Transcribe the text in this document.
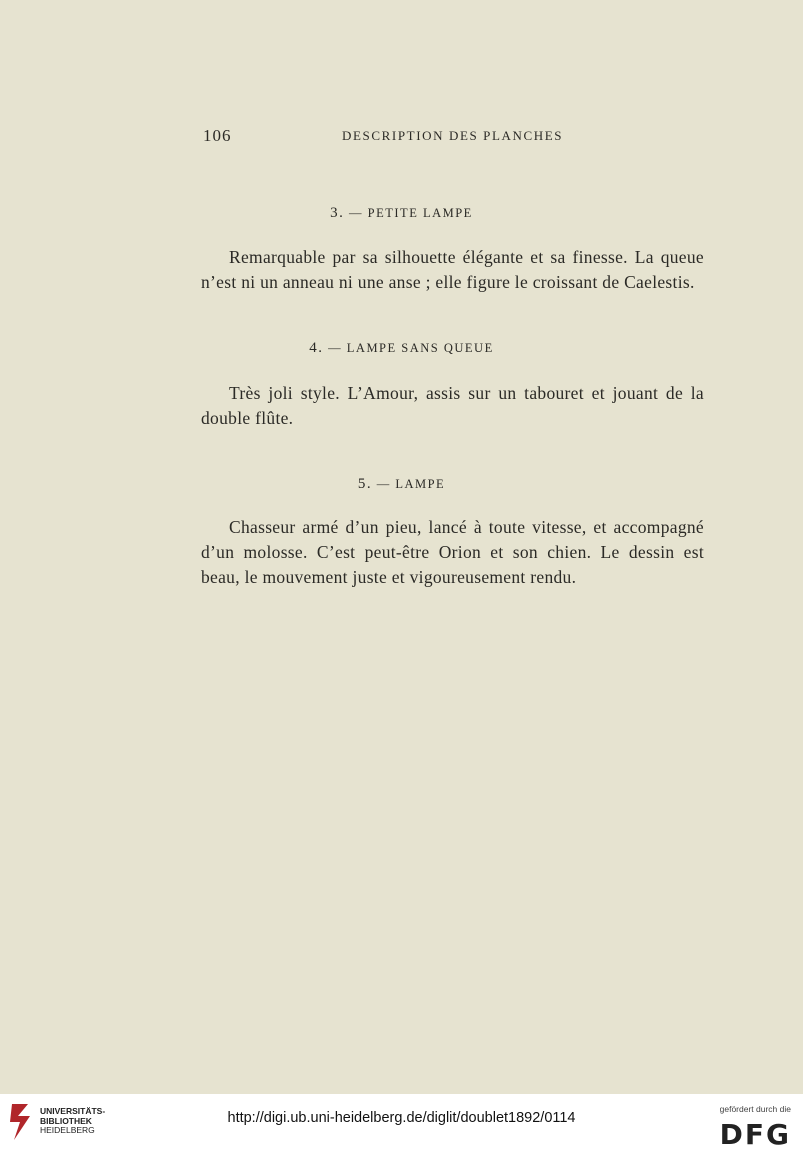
106	DESCRIPTION DES PLANCHES
3. — PETITE LAMPE
Remarquable par sa silhouette élégante et sa finesse. La queue
n’est ni un anneau ni une anse ; elle figure le croissant de Caelestis.
4. — LAMPE SANS QUEUE
Très joli style. L’Amour, assis sur un tabouret et jouant de la
double flûte.
5. — LAMPE
Chasseur armé d’un pieu, lancé à toute vitesse, et accompagné
d’un molosse. C’est peut-être Orion et son chien. Le dessin est
beau, le mouvement juste et vigoureusement rendu.
UNIVERSITÄTS-
BIBLIOTHEK
HEIDELBERG
http://digi.ub.uni-heidelberg.de/diglit/doublet1892/0114
gefördert durch die
DFG
